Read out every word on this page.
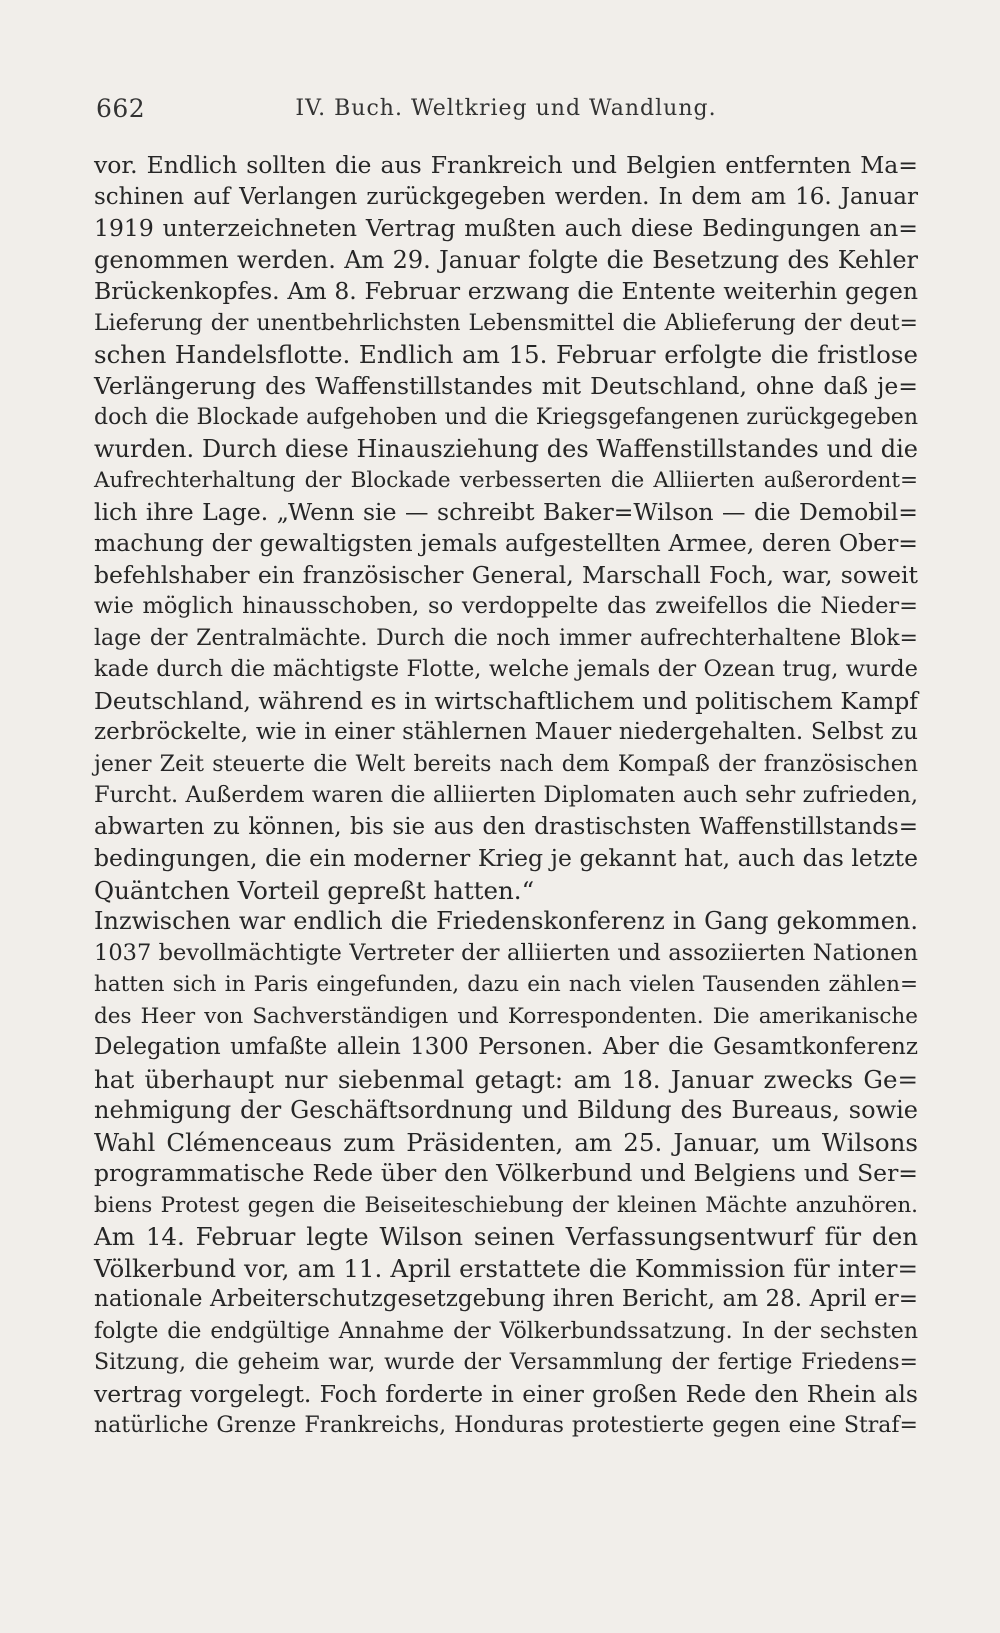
662	IV. Buch. Weltkrieg und Wandlung.
vor. Endlich sollten die aus Frankreich und Belgien entfernten Ma=
schinen auf Verlangen zurückgegeben werden. In dem am 16. Januar
1919 unterzeichneten Vertrag mußten auch diese Bedingungen an=
genommen werden. Am 29. Januar folgte die Besetzung des Kehler
Brückenkopfes. Am 8. Februar erzwang die Entente weiterhin gegen
Lieferung der unentbehrlichsten Lebensmittel die Ablieferung der deut=
schen Handelsflotte. Endlich am 15. Februar erfolgte die fristlose
Verlängerung des Waffenstillstandes mit Deutschland, ohne daß je=
doch die Blockade aufgehoben und die Kriegsgefangenen zurückgegeben
wurden. Durch diese Hinausziehung des Waffenstillstandes und die
Aufrechterhaltung der Blockade verbesserten die Alliierten außerordent=
lich ihre Lage. „Wenn sie — schreibt Baker=Wilson — die Demobil=
machung der gewaltigsten jemals aufgestellten Armee, deren Ober=
befehlshaber ein französischer General, Marschall Foch, war, soweit
wie möglich hinausschoben, so verdoppelte das zweifellos die Nieder=
lage der Zentralmächte. Durch die noch immer aufrechterhaltene Blok=
kade durch die mächtigste Flotte, welche jemals der Ozean trug, wurde
Deutschland, während es in wirtschaftlichem und politischem Kampf
zerbröckelte, wie in einer stählernen Mauer niedergehalten. Selbst zu
jener Zeit steuerte die Welt bereits nach dem Kompaß der französischen
Furcht. Außerdem waren die alliierten Diplomaten auch sehr zufrieden,
abwarten zu können, bis sie aus den drastischsten Waffenstillstands=
bedingungen, die ein moderner Krieg je gekannt hat, auch das letzte
Quäntchen Vorteil gepreßt hatten.“
Inzwischen war endlich die Friedenskonferenz in Gang gekommen.
1037 bevollmächtigte Vertreter der alliierten und assoziierten Nationen
hatten sich in Paris eingefunden, dazu ein nach vielen Tausenden zählen=
des Heer von Sachverständigen und Korrespondenten. Die amerikanische
Delegation umfaßte allein 1300 Personen. Aber die Gesamtkonferenz
hat überhaupt nur siebenmal getagt: am 18. Januar zwecks Ge=
nehmigung der Geschäftsordnung und Bildung des Bureaus, sowie
Wahl Clémenceaus zum Präsidenten, am 25. Januar, um Wilsons
programmatische Rede über den Völkerbund und Belgiens und Ser=
biens Protest gegen die Beiseiteschiebung der kleinen Mächte anzuhören.
Am 14. Februar legte Wilson seinen Verfassungsentwurf für den
Völkerbund vor, am 11. April erstattete die Kommission für inter=
nationale Arbeiterschutzgesetzgebung ihren Bericht, am 28. April er=
folgte die endgültige Annahme der Völkerbundssatzung. In der sechsten
Sitzung, die geheim war, wurde der Versammlung der fertige Friedens=
vertrag vorgelegt. Foch forderte in einer großen Rede den Rhein als
natürliche Grenze Frankreichs, Honduras protestierte gegen eine Straf=
